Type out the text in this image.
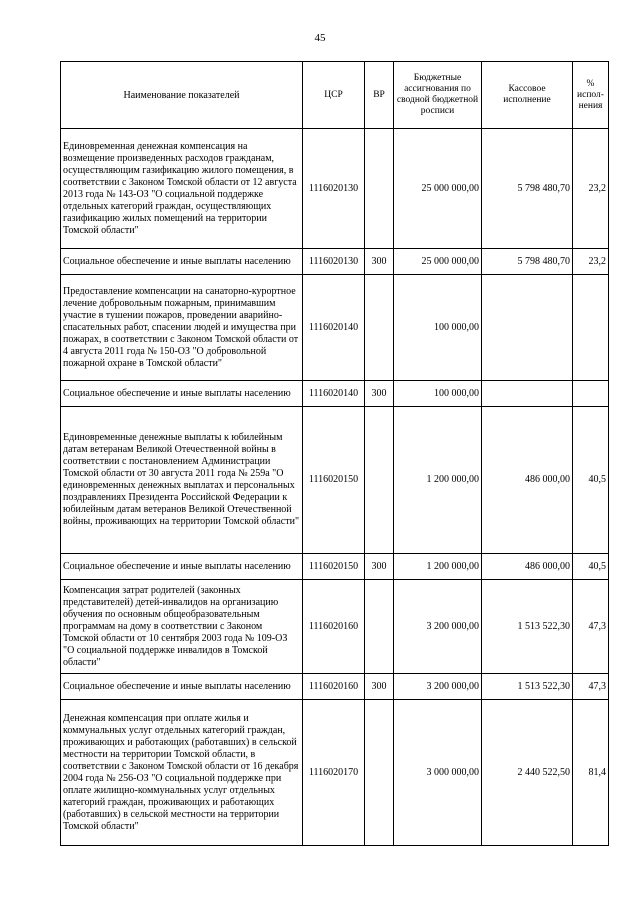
45
Наименование показателей	ЦСР	ВР	Бюджетные ассигнования по сводной бюджетной росписи	Кассовое исполнение	% испол-нения
Единовременная денежная компенсация на возмещение произведенных расходов гражданам, осуществляющим газификацию жилого помещения, в соответствии с Законом Томской области от 12 августа 2013 года № 143-ОЗ "О социальной поддержке отдельных категорий граждан, осуществляющих газификацию жилых помещений на территории Томской области"	1116020130		25 000 000,00	5 798 480,70	23,2
Социальное обеспечение и иные выплаты населению	1116020130	300	25 000 000,00	5 798 480,70	23,2
Предоставление компенсации на санаторно-курортное лечение добровольным пожарным, принимавшим участие в тушении пожаров, проведении аварийно-спасательных работ, спасении людей и имущества при пожарах, в соответствии с Законом Томской области от 4 августа 2011 года № 150-ОЗ "О добровольной пожарной охране в Томской области"	1116020140		100 000,00		
Социальное обеспечение и иные выплаты населению	1116020140	300	100 000,00		
Единовременные денежные выплаты к юбилейным датам ветеранам Великой Отечественной войны в соответствии с постановлением Администрации Томской области от 30 августа 2011 года № 259а "О единовременных денежных выплатах и персональных поздравлениях Президента Российской Федерации к юбилейным датам ветеранов Великой Отечественной войны, проживающих на территории Томской области"	1116020150		1 200 000,00	486 000,00	40,5
Социальное обеспечение и иные выплаты населению	1116020150	300	1 200 000,00	486 000,00	40,5
Компенсация затрат родителей (законных представителей) детей-инвалидов на организацию обучения по основным общеобразовательным программам на дому в соответствии с Законом Томской области от 10 сентября 2003 года № 109-ОЗ "О социальной поддержке инвалидов в Томской области"	1116020160		3 200 000,00	1 513 522,30	47,3
Социальное обеспечение и иные выплаты населению	1116020160	300	3 200 000,00	1 513 522,30	47,3
Денежная компенсация при оплате жилья и коммунальных услуг отдельных категорий граждан, проживающих и работающих (работавших) в сельской местности на территории Томской области, в соответствии с Законом Томской области от 16 декабря 2004 года № 256-ОЗ "О социальной поддержке при оплате жилищно-коммунальных услуг отдельных категорий граждан, проживающих и работающих (работавших) в сельской местности на территории Томской области"	1116020170		3 000 000,00	2 440 522,50	81,4
